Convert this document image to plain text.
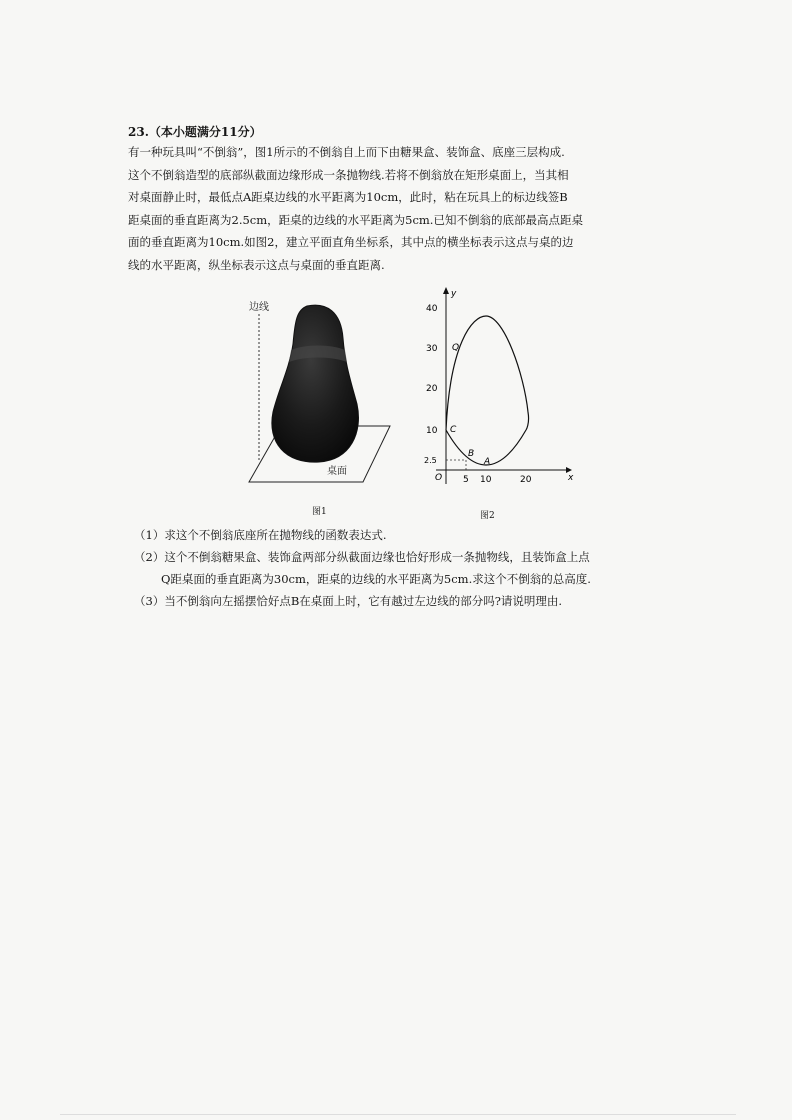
23.（本小题满分11分）
有一种玩具叫“不倒翁”，图1所示的不倒翁自上而下由糖果盒、装饰盒、底座三层构成.
这个不倒翁造型的底部纵截面边缘形成一条抛物线.若将不倒翁放在矩形桌面上，当其相
对桌面静止时，最低点A距桌边线的水平距离为10cm，此时，粘在玩具上的标边线签B
距桌面的垂直距离为2.5cm，距桌的边线的水平距离为5cm.已知不倒翁的底部最高点距桌
面的垂直距离为10cm.如图2，建立平面直角坐标系，其中点的横坐标表示这点与桌的边
线的水平距离，纵坐标表示这点与桌面的垂直距离.
边线
桌面
图1
y
x
O
40
30
20
10
2.5
5 10	20
Q
C
B
A
图2
（1）求这个不倒翁底座所在抛物线的函数表达式.
（2）这个不倒翁糖果盒、装饰盒两部分纵截面边缘也恰好形成一条抛物线，且装饰盒上点
Q距桌面的垂直距离为30cm，距桌的边线的水平距离为5cm.求这个不倒翁的总高度.
（3）当不倒翁向左摇摆恰好点B在桌面上时，它有越过左边线的部分吗?请说明理由.
